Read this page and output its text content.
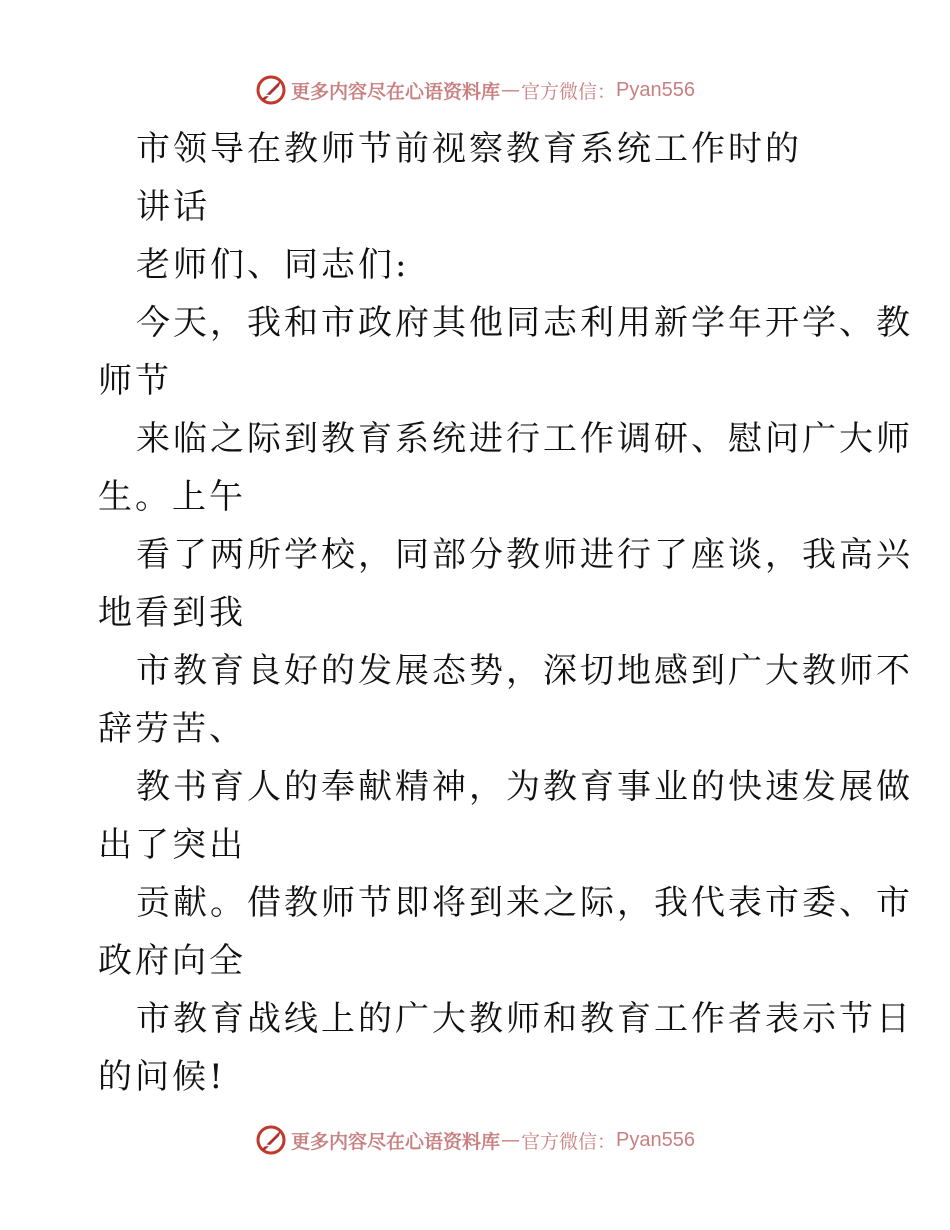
更多内容尽在心语资料库 — 官方微信： Pyan556
市领导在教师节前视察教育系统工作时的
讲话
老师们、同志们:
今天，我和市政府其他同志利用新学年开学、教
师节
来临之际到教育系统进行工作调研、慰问广大师
生。上午
看了两所学校，同部分教师进行了座谈，我高兴
地看到我
市教育良好的发展态势，深切地感到广大教师不
辞劳苦、
教书育人的奉献精神，为教育事业的快速发展做
出了突出
贡献。借教师节即将到来之际，我代表市委、市
政府向全
市教育战线上的广大教师和教育工作者表示节日
的问候!
更多内容尽在心语资料库 — 官方微信： Pyan556
